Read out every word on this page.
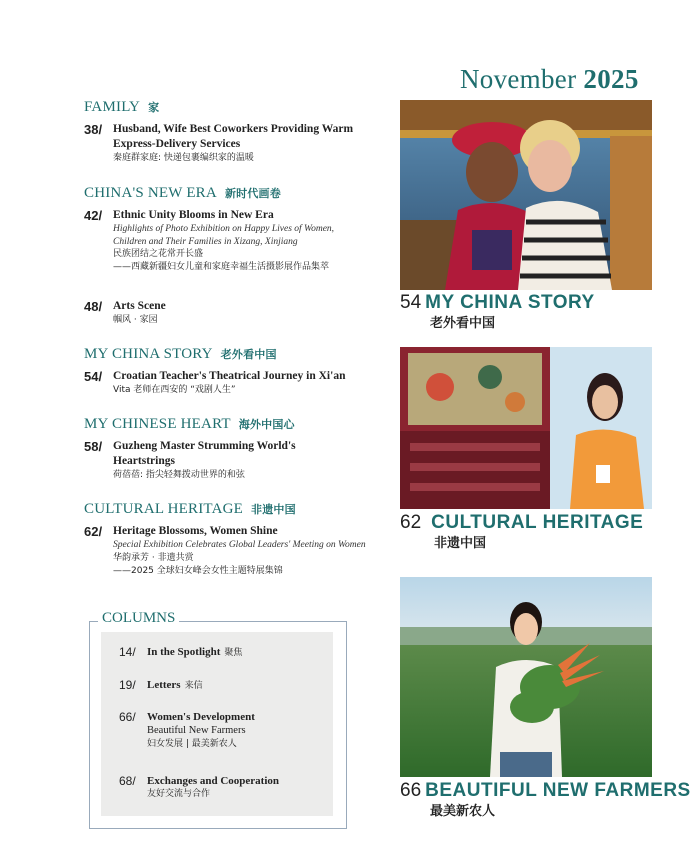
November 2025
FAMILY 家
38/ Husband, Wife Best Coworkers Providing Warm Express-Delivery Services
秦庭群家庭: 快递包裹编织家的温暖
CHINA'S NEW ERA 新时代画卷
42/ Ethnic Unity Blooms in New Era
Highlights of Photo Exhibition on Happy Lives of Women, Children and Their Families in Xizang, Xinjiang
民族团结之花常开长盛
——西藏新疆妇女儿童和家庭幸福生活摄影展作品集萃
48/ Arts Scene
帼风 · 家园
MY CHINA STORY 老外看中国
54/ Croatian Teacher's Theatrical Journey in Xi'an
Vita 老师在西安的 “戏剧人生”
MY CHINESE HEART 海外中国心
58/ Guzheng Master Strumming World's Heartstrings
荷蓓蓓: 指尖轻舞拨动世界的和弦
CULTURAL HERITAGE 非遗中国
62/ Heritage Blossoms, Women Shine
Special Exhibition Celebrates Global Leaders' Meeting on Women
华韵承芳 · 非遗共赏
——2025 全球妇女峰会女性主题特展集锦
COLUMNS
14/ In the Spotlight 聚焦
19/ Letters 来信
66/ Women's Development
Beautiful New Farmers
妇女发展 | 最美新农人
68/ Exchanges and Cooperation
友好交流与合作
54 MY CHINA STORY
老外看中国
62 CULTURAL HERITAGE
非遗中国
66 BEAUTIFUL NEW FARMERS
最美新农人
